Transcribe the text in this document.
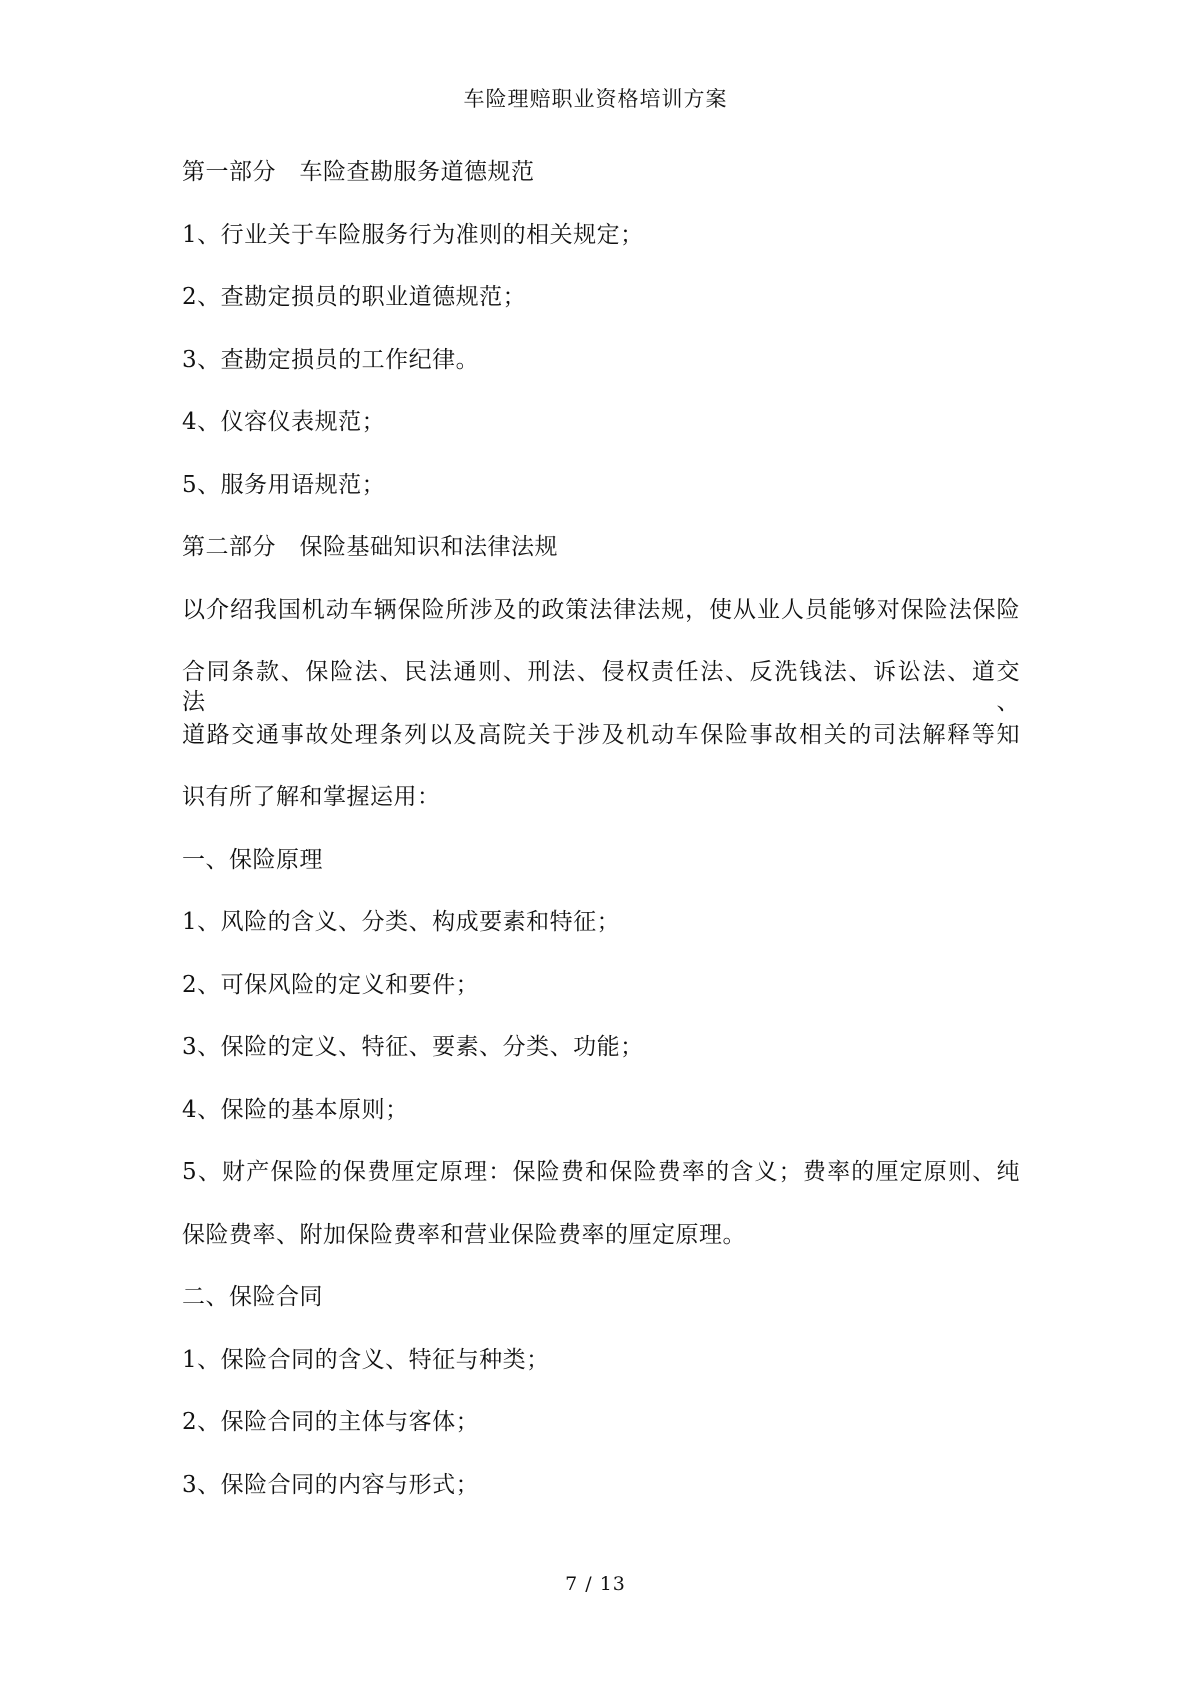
车险理赔职业资格培训方案
第一部分　车险查勘服务道德规范
1、行业关于车险服务行为准则的相关规定；
2、查勘定损员的职业道德规范；
3、查勘定损员的工作纪律。
4、仪容仪表规范；
5、服务用语规范；
第二部分　保险基础知识和法律法规
以介绍我国机动车辆保险所涉及的政策法律法规，使从业人员能够对保险法保险
合同条款、保险法、民法通则、刑法、侵权责任法、反洗钱法、诉讼法、道交法、
道路交通事故处理条列以及高院关于涉及机动车保险事故相关的司法解释等知
识有所了解和掌握运用：
一、保险原理
1、风险的含义、分类、构成要素和特征；
2、可保风险的定义和要件；
3、保险的定义、特征、要素、分类、功能；
4、保险的基本原则；
5、财产保险的保费厘定原理：保险费和保险费率的含义；费率的厘定原则、纯
保险费率、附加保险费率和营业保险费率的厘定原理。
二、保险合同
1、保险合同的含义、特征与种类；
2、保险合同的主体与客体；
3、保险合同的内容与形式；
7 / 13
